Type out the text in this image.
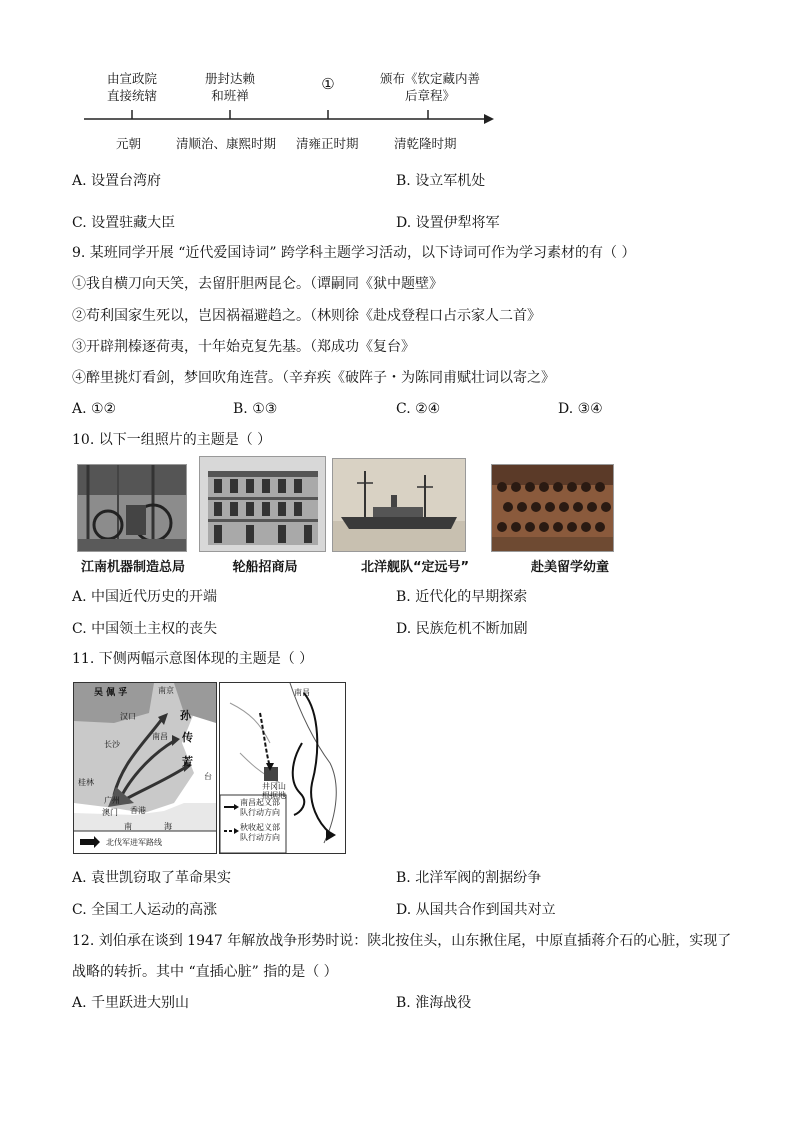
由宣政院
直接统辖
册封达赖
和班禅
①	颁布《钦定藏内善
后章程》
元朝	清顺治、康熙时期 清雍正时期	清乾隆时期
A. 设置台湾府	B. 设立军机处
C. 设置驻藏大臣	D. 设置伊犁将军
9. 某班同学开展 “近代爱国诗词” 跨学科主题学习活动，以下诗词可作为学习素材的有（ ）
①我自横刀向天笑，去留肝胆两昆仑。（谭嗣同《狱中题壁》
②苟利国家生死以，岂因祸福避趋之。（林则徐《赴戍登程口占示家人二首》
③开辟荆榛逐荷夷，十年始克复先基。（郑成功《复台》
④醉里挑灯看剑，梦回吹角连营。（辛弃疾《破阵子・为陈同甫赋壮词以寄之》
A. ①②	B. ①③	C. ②④	D. ③④
10. 以下一组照片的主题是（ ）
江南机器制造总局	轮船招商局	北洋舰队“定远号”	赴美留学幼童
A. 中国近代历史的开端	B. 近代化的早期探索
C. 中国领土主权的丧失	D. 民族危机不断加剧
11. 下侧两幅示意图体现的主题是（ ）
吴 佩 孚	南京
孙
汉口
传
长沙
南昌
芳
桂林
广州
澳门 香港
台
南	海
北伐军进军路线
南昌
井冈山
根据地
南昌起义部队行动方向
秋收起义部队行动方向
A. 袁世凯窃取了革命果实	B. 北洋军阀的割据纷争
C. 全国工人运动的高涨	D. 从国共合作到国共对立
12. 刘伯承在谈到 1947 年解放战争形势时说：陕北按住头，山东揪住尾，中原直插蒋介石的心脏，实现了
战略的转折。其中 “直插心脏” 指的是（ ）
A. 千里跃进大别山	B. 淮海战役
